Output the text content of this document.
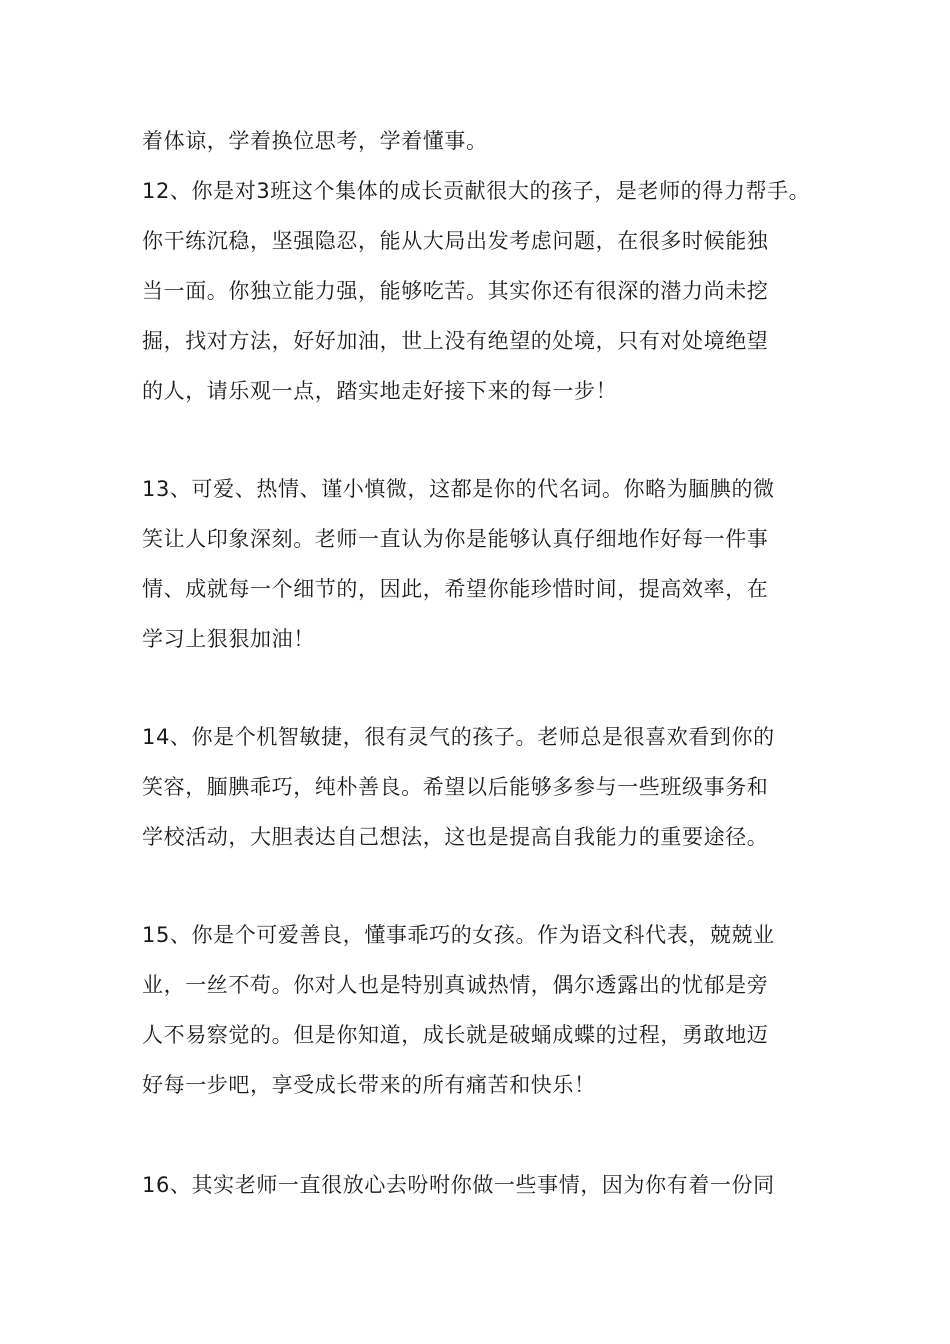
着体谅，学着换位思考，学着懂事。
12、你是对3班这个集体的成长贡献很大的孩子，是老师的得力帮手。
你干练沉稳，坚强隐忍，能从大局出发考虑问题，在很多时候能独
当一面。你独立能力强，能够吃苦。其实你还有很深的潜力尚未挖
掘，找对方法，好好加油，世上没有绝望的处境，只有对处境绝望
的人，请乐观一点，踏实地走好接下来的每一步！
13、可爱、热情、谨小慎微，这都是你的代名词。你略为腼腆的微
笑让人印象深刻。老师一直认为你是能够认真仔细地作好每一件事
情、成就每一个细节的，因此，希望你能珍惜时间，提高效率，在
学习上狠狠加油！
14、你是个机智敏捷，很有灵气的孩子。老师总是很喜欢看到你的
笑容，腼腆乖巧，纯朴善良。希望以后能够多参与一些班级事务和
学校活动，大胆表达自己想法，这也是提高自我能力的重要途径。
15、你是个可爱善良，懂事乖巧的女孩。作为语文科代表，兢兢业
业，一丝不苟。你对人也是特别真诚热情，偶尔透露出的忧郁是旁
人不易察觉的。但是你知道，成长就是破蛹成蝶的过程，勇敢地迈
好每一步吧，享受成长带来的所有痛苦和快乐！
16、其实老师一直很放心去吩咐你做一些事情，因为你有着一份同
